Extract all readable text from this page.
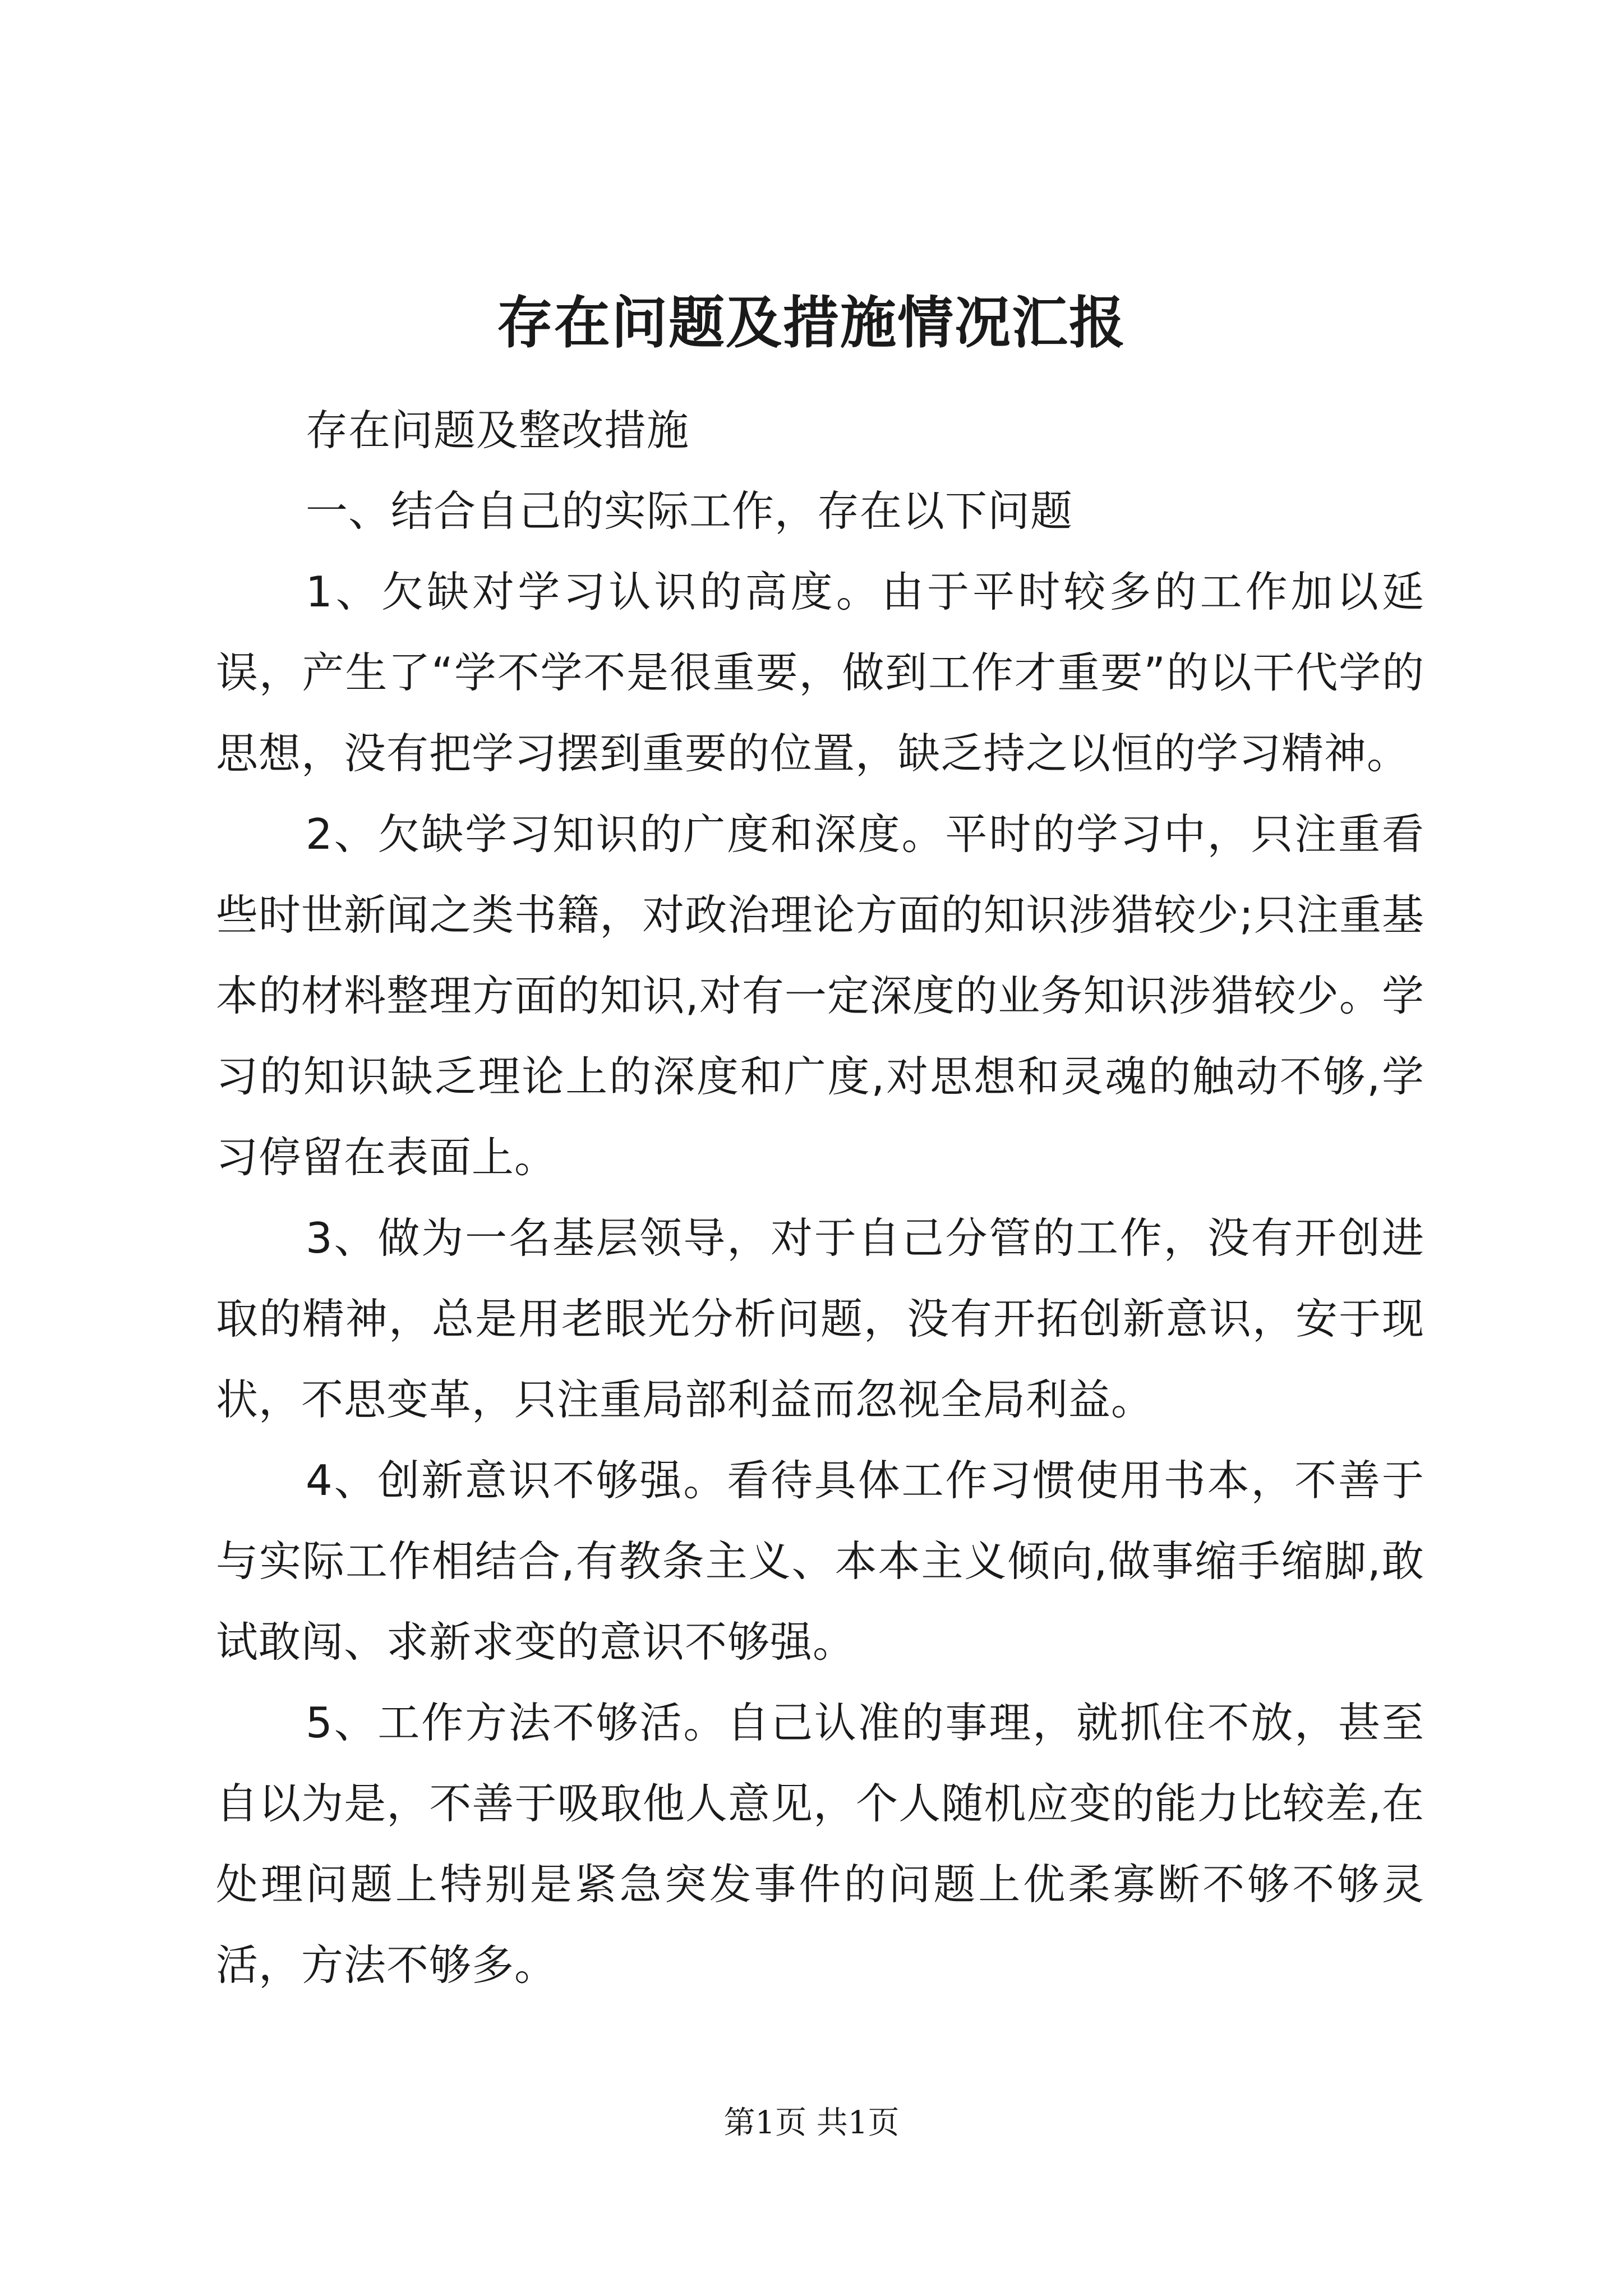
存在问题及措施情况汇报

存在问题及整改措施

一、结合自己的实际工作，存在以下问题

1、欠缺对学习认识的高度。由于平时较多的工作加以延误，产生了“学不学不是很重要，做到工作才重要”的以干代学的思想，没有把学习摆到重要的位置，缺乏持之以恒的学习精神。

2、欠缺学习知识的广度和深度。平时的学习中，只注重看些时世新闻之类书籍，对政治理论方面的知识涉猎较少;只注重基本的材料整理方面的知识,对有一定深度的业务知识涉猎较少。学习的知识缺乏理论上的深度和广度,对思想和灵魂的触动不够,学习停留在表面上。

3、做为一名基层领导，对于自己分管的工作，没有开创进取的精神，总是用老眼光分析问题，没有开拓创新意识，安于现状，不思变革，只注重局部利益而忽视全局利益。

4、创新意识不够强。看待具体工作习惯使用书本，不善于与实际工作相结合,有教条主义、本本主义倾向,做事缩手缩脚,敢试敢闯、求新求变的意识不够强。

5、工作方法不够活。自己认准的事理，就抓住不放，甚至自以为是，不善于吸取他人意见，个人随机应变的能力比较差,在处理问题上特别是紧急突发事件的问题上优柔寡断不够不够灵活，方法不够多。

第1页 共1页
